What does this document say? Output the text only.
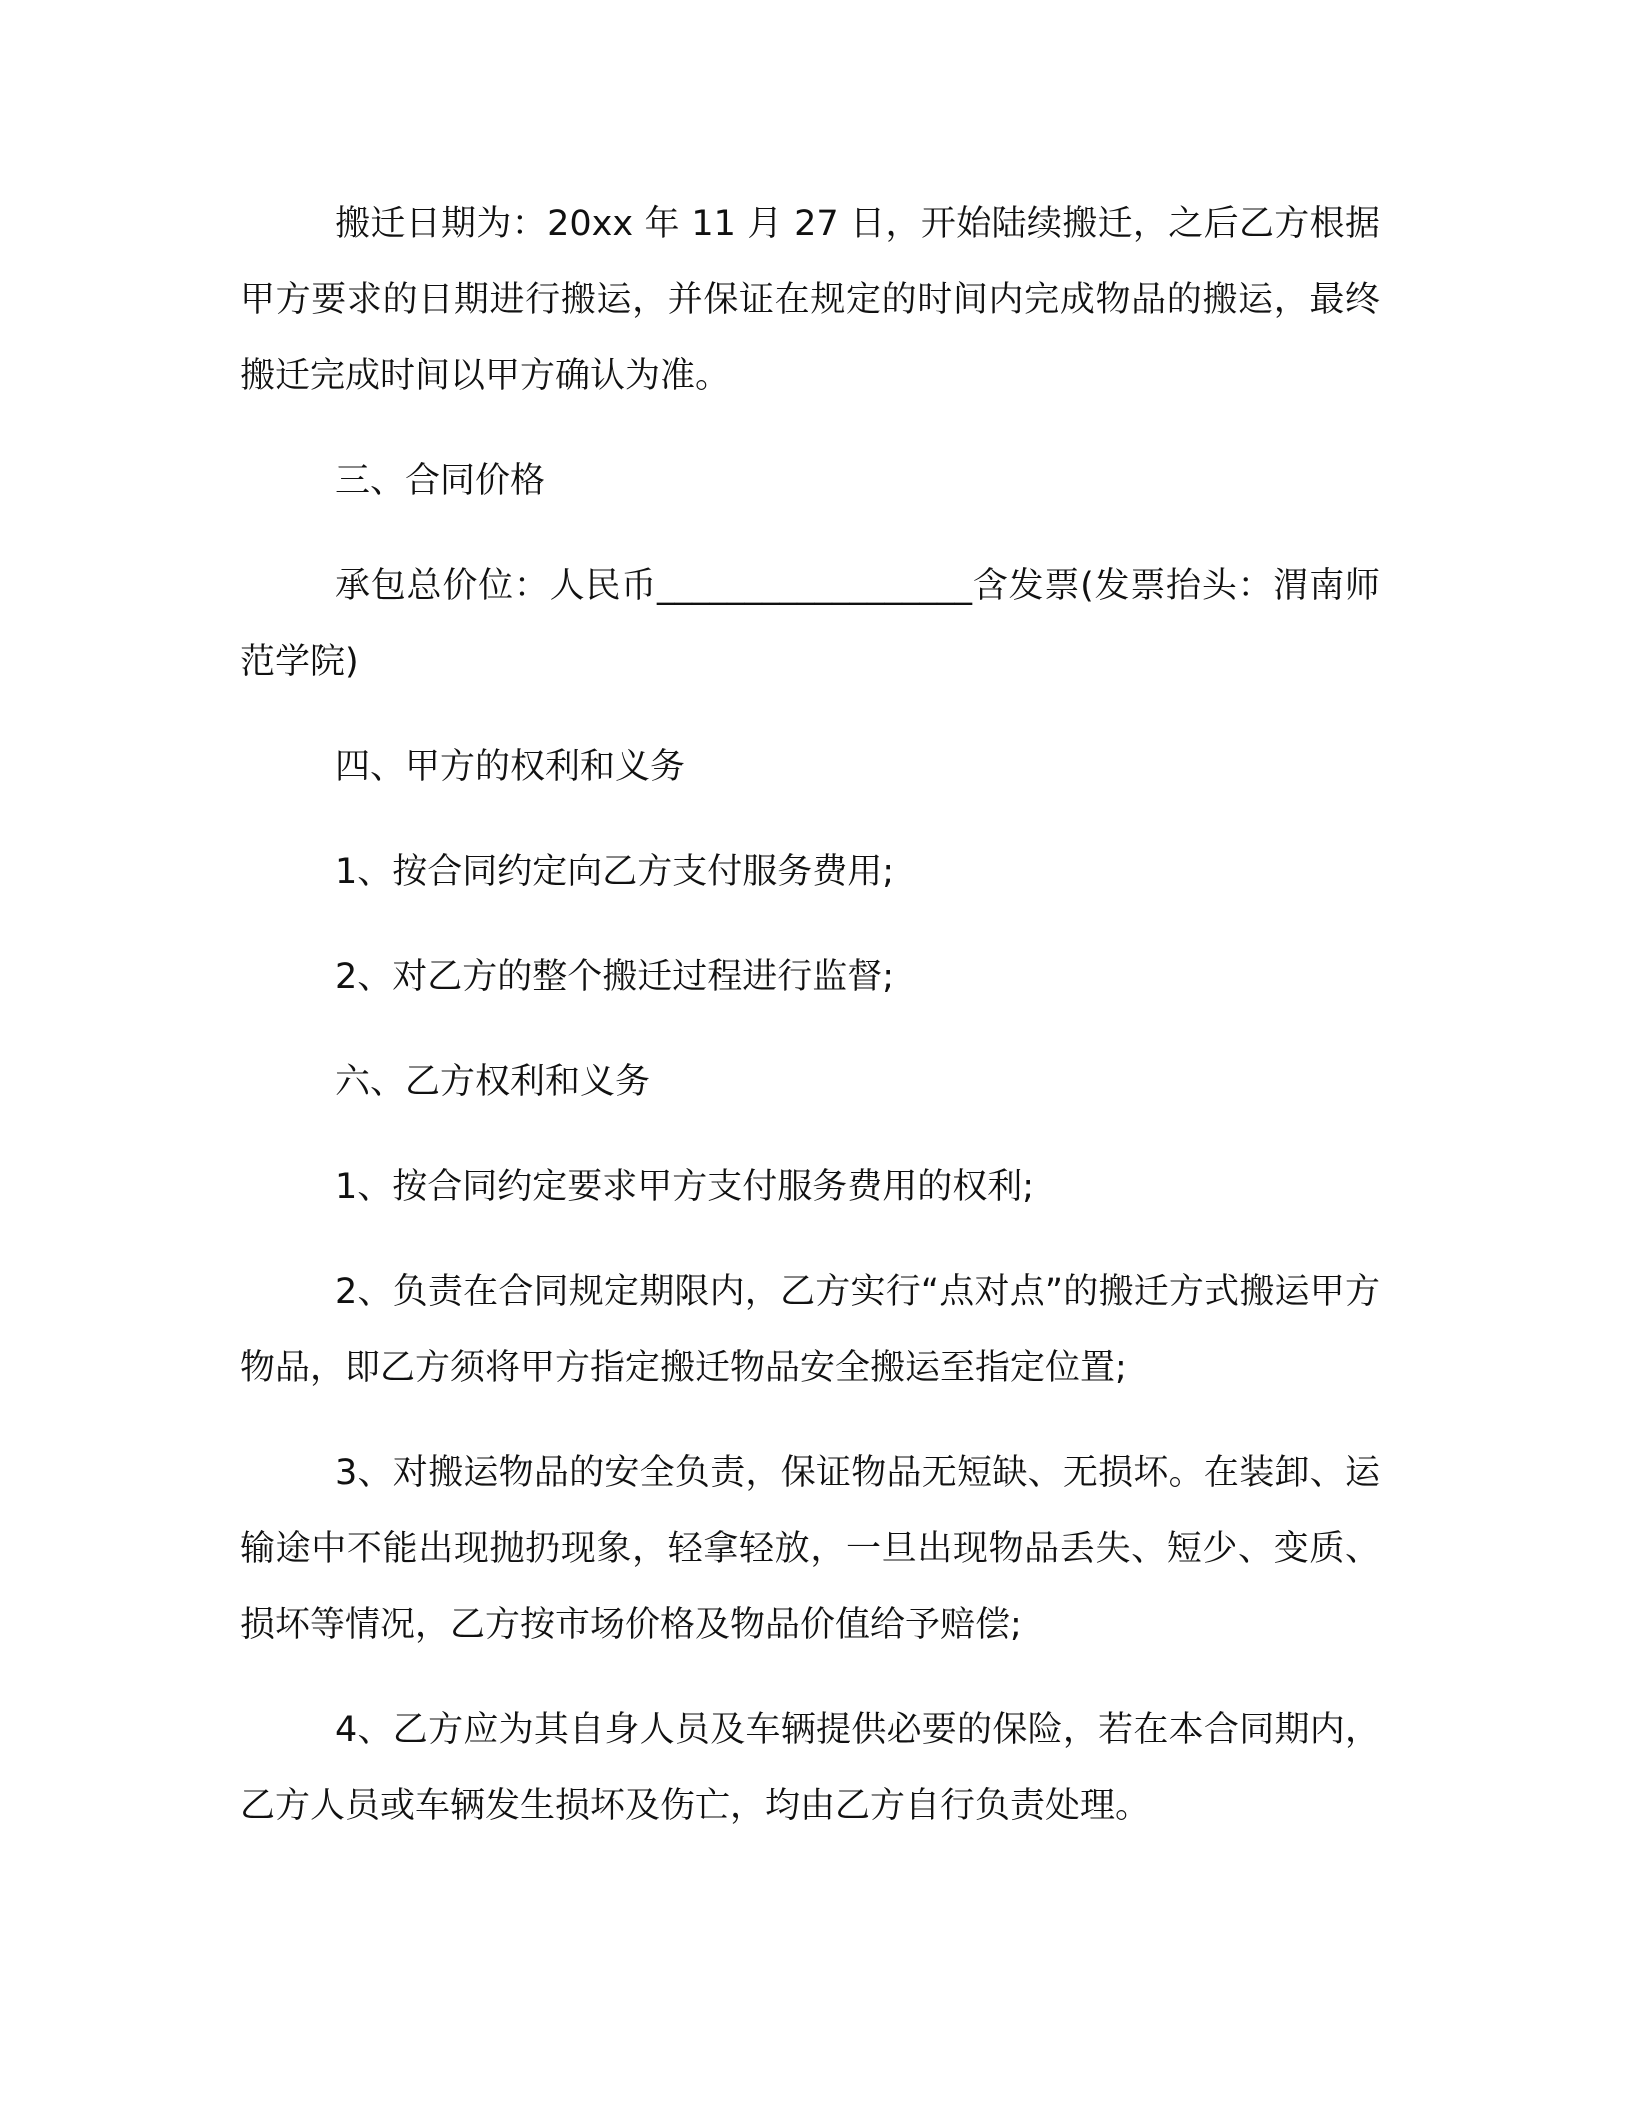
搬迁日期为：20xx 年 11 月 27 日，开始陆续搬迁，之后乙方根据甲方要求的日期进行搬运，并保证在规定的时间内完成物品的搬运，最终搬迁完成时间以甲方确认为准。

三、合同价格

承包总价位：人民币__________________含发票(发票抬头：渭南师范学院)

四、甲方的权利和义务

1、按合同约定向乙方支付服务费用;

2、对乙方的整个搬迁过程进行监督;

六、乙方权利和义务

1、按合同约定要求甲方支付服务费用的权利;

2、负责在合同规定期限内，乙方实行“点对点”的搬迁方式搬运甲方物品，即乙方须将甲方指定搬迁物品安全搬运至指定位置;

3、对搬运物品的安全负责，保证物品无短缺、无损坏。在装卸、运输途中不能出现抛扔现象，轻拿轻放，一旦出现物品丢失、短少、变质、损坏等情况，乙方按市场价格及物品价值给予赔偿;

4、乙方应为其自身人员及车辆提供必要的保险，若在本合同期内，乙方人员或车辆发生损坏及伤亡，均由乙方自行负责处理。
